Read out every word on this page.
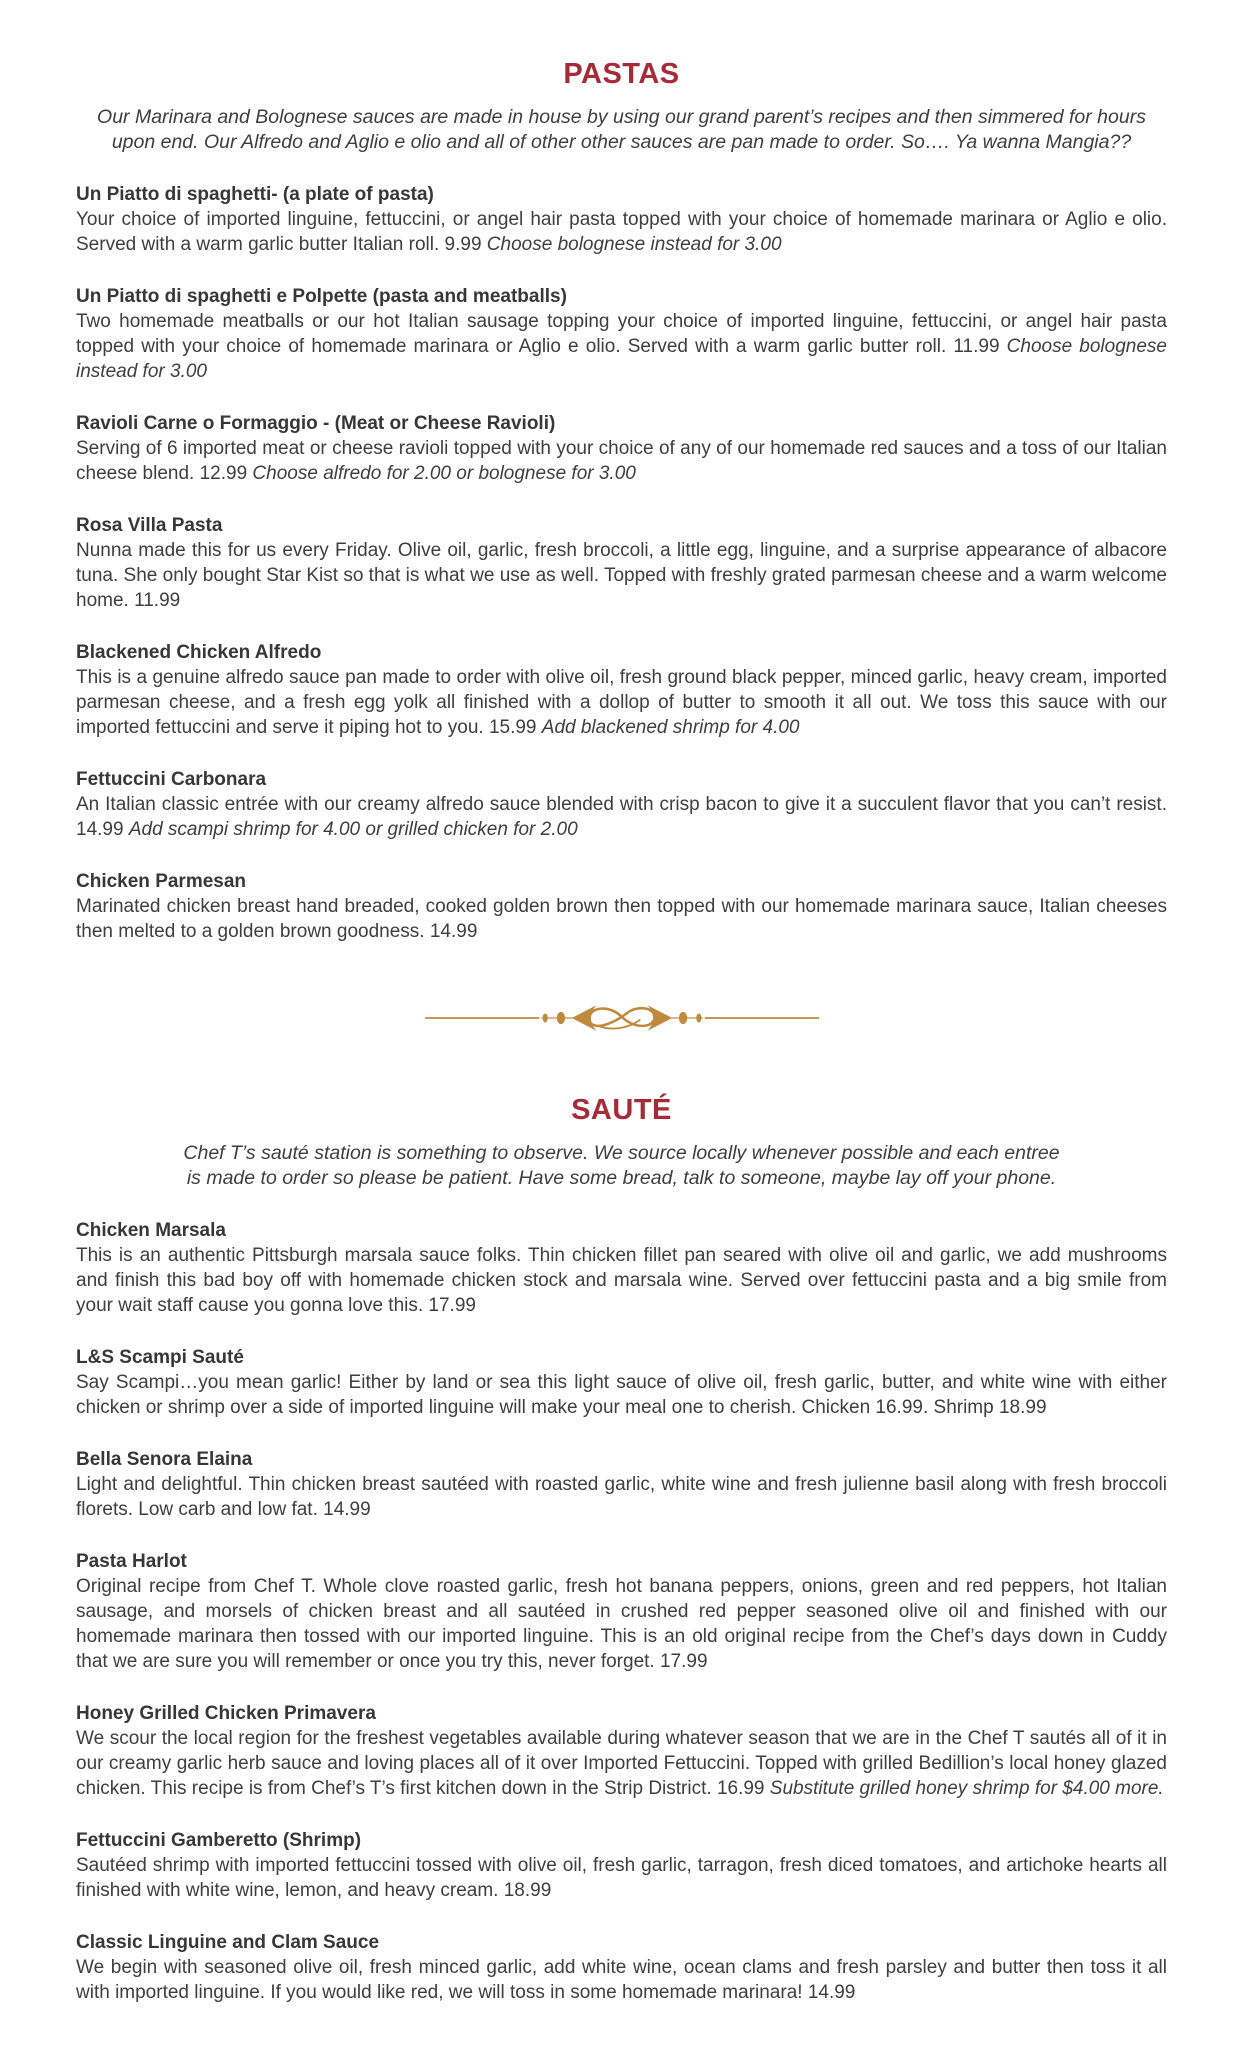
PASTAS

Our Marinara and Bolognese sauces are made in house by using our grand parent’s recipes and then simmered for hours
upon end. Our Alfredo and Aglio e olio and all of other other sauces are pan made to order. So…. Ya wanna Mangia??

Un Piatto di spaghetti- (a plate of pasta)

Your choice of imported linguine, fettuccini, or angel hair pasta topped with your choice of homemade marinara or Aglio e olio. Served with a warm garlic butter Italian roll. 9.99 Choose bolognese instead for 3.00

Un Piatto di spaghetti e Polpette (pasta and meatballs)

Two homemade meatballs or our hot Italian sausage topping your choice of imported linguine, fettuccini, or angel hair pasta topped with your choice of homemade marinara or Aglio e olio. Served with a warm garlic butter roll. 11.99 Choose bolognese instead for 3.00

Ravioli Carne o Formaggio - (Meat or Cheese Ravioli)

Serving of 6 imported meat or cheese ravioli topped with your choice of any of our homemade red sauces and a toss of our Italian cheese blend. 12.99 Choose alfredo for 2.00 or bolognese for 3.00

Rosa Villa Pasta

Nunna made this for us every Friday. Olive oil, garlic, fresh broccoli, a little egg, linguine, and a surprise appearance of albacore tuna. She only bought Star Kist so that is what we use as well. Topped with freshly grated parmesan cheese and a warm welcome home. 11.99

Blackened Chicken Alfredo

This is a genuine alfredo sauce pan made to order with olive oil, fresh ground black pepper, minced garlic, heavy cream, imported parmesan cheese, and a fresh egg yolk all finished with a dollop of butter to smooth it all out. We toss this sauce with our imported fettuccini and serve it piping hot to you. 15.99 Add blackened shrimp for 4.00

Fettuccini Carbonara

An Italian classic entrée with our creamy alfredo sauce blended with crisp bacon to give it a succulent flavor that you can’t resist. 14.99 Add scampi shrimp for 4.00 or grilled chicken for 2.00

Chicken Parmesan

Marinated chicken breast hand breaded, cooked golden brown then topped with our homemade marinara sauce, Italian cheeses then melted to a golden brown goodness. 14.99

SAUTÉ

Chef T’s sauté station is something to observe. We source locally whenever possible and each entree
is made to order so please be patient. Have some bread, talk to someone, maybe lay off your phone.

Chicken Marsala

This is an authentic Pittsburgh marsala sauce folks. Thin chicken fillet pan seared with olive oil and garlic, we add mushrooms and finish this bad boy off with homemade chicken stock and marsala wine. Served over fettuccini pasta and a big smile from your wait staff cause you gonna love this. 17.99

L&S Scampi Sauté

Say Scampi…you mean garlic! Either by land or sea this light sauce of olive oil, fresh garlic, butter, and white wine with either chicken or shrimp over a side of imported linguine will make your meal one to cherish. Chicken 16.99. Shrimp 18.99

Bella Senora Elaina

Light and delightful. Thin chicken breast sautéed with roasted garlic, white wine and fresh julienne basil along with fresh broccoli florets. Low carb and low fat. 14.99

Pasta Harlot

Original recipe from Chef T. Whole clove roasted garlic, fresh hot banana peppers, onions, green and red peppers, hot Italian sausage, and morsels of chicken breast and all sautéed in crushed red pepper seasoned olive oil and finished with our homemade marinara then tossed with our imported linguine. This is an old original recipe from the Chef’s days down in Cuddy that we are sure you will remember or once you try this, never forget. 17.99

Honey Grilled Chicken Primavera

We scour the local region for the freshest vegetables available during whatever season that we are in the Chef T sautés all of it in our creamy garlic herb sauce and loving places all of it over Imported Fettuccini. Topped with grilled Bedillion’s local honey glazed chicken. This recipe is from Chef’s T’s first kitchen down in the Strip District. 16.99 Substitute grilled honey shrimp for $4.00 more.

Fettuccini Gamberetto (Shrimp)

Sautéed shrimp with imported fettuccini tossed with olive oil, fresh garlic, tarragon, fresh diced tomatoes, and artichoke hearts all finished with white wine, lemon, and heavy cream. 18.99

Classic Linguine and Clam Sauce

We begin with seasoned olive oil, fresh minced garlic, add white wine, ocean clams and fresh parsley and butter then toss it all with imported linguine. If you would like red, we will toss in some homemade marinara! 14.99
